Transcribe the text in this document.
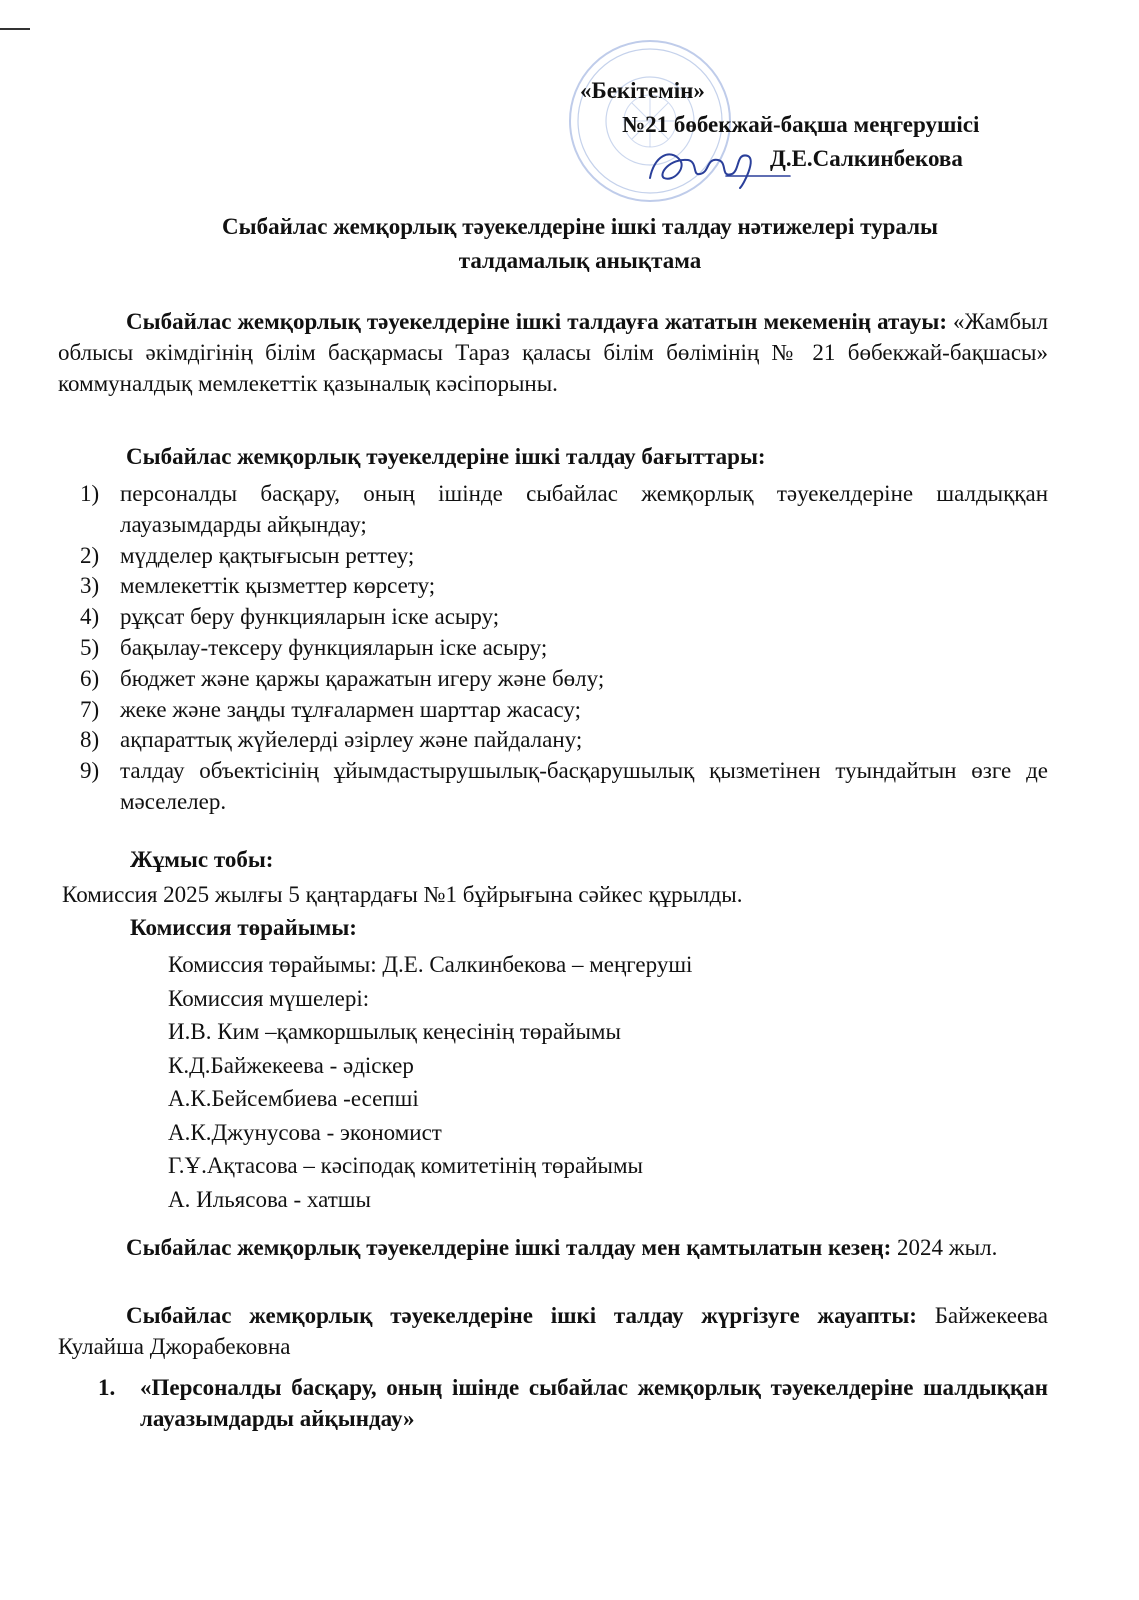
«Бекітемін»
№21 бөбекжай-бақша меңгерушісі
Д.Е.Салкинбекова
Сыбайлас жемқорлық тәуекелдеріне ішкі талдау нәтижелері туралы
талдамалық анықтама
Сыбайлас жемқорлық тәуекелдеріне ішкі талдауға жататын мекеменің атауы: «Жамбыл облысы әкімдігінің білім басқармасы Тараз қаласы білім бөлімінің № 21 бөбекжай-бақшасы» коммуналдық мемлекеттік қазыналық кәсіпорыны.
Сыбайлас жемқорлық тәуекелдеріне ішкі талдау бағыттары:
1) персоналды басқару, оның ішінде сыбайлас жемқорлық тәуекелдеріне шалдыққан лауазымдарды айқындау;
2) мүдделер қақтығысын реттеу;
3) мемлекеттік қызметтер көрсету;
4) рұқсат беру функцияларын іске асыру;
5) бақылау-тексеру функцияларын іске асыру;
6) бюджет және қаржы қаражатын игеру және бөлу;
7) жеке және заңды тұлғалармен шарттар жасасу;
8) ақпараттық жүйелерді әзірлеу және пайдалану;
9) талдау объектісінің ұйымдастырушылық-басқарушылық қызметінен туындайтын өзге де мәселелер.
Жұмыс тобы:
Комиссия 2025 жылғы 5 қаңтардағы №1 бұйрығына сәйкес құрылды.
Комиссия төрайымы:
Комиссия төрайымы: Д.Е. Салкинбекова – меңгеруші
Комиссия мүшелері:
И.В. Ким –қамкоршылық кеңесінің төрайымы
К.Д.Байжекеева - әдіскер
А.К.Бейсембиева -есепші
А.К.Джунусова - экономист
Г.Ұ.Ақтасова – кәсіподақ комитетінің төрайымы
А. Ильясова - хатшы
Сыбайлас жемқорлық тәуекелдеріне ішкі талдау мен қамтылатын кезең: 2024 жыл.
Сыбайлас жемқорлық тәуекелдеріне ішкі талдау жүргізуге жауапты: Байжекеева Кулайша Джорабековна
1. «Персоналды басқару, оның ішінде сыбайлас жемқорлық тәуекелдеріне шалдыққан лауазымдарды айқындау»
